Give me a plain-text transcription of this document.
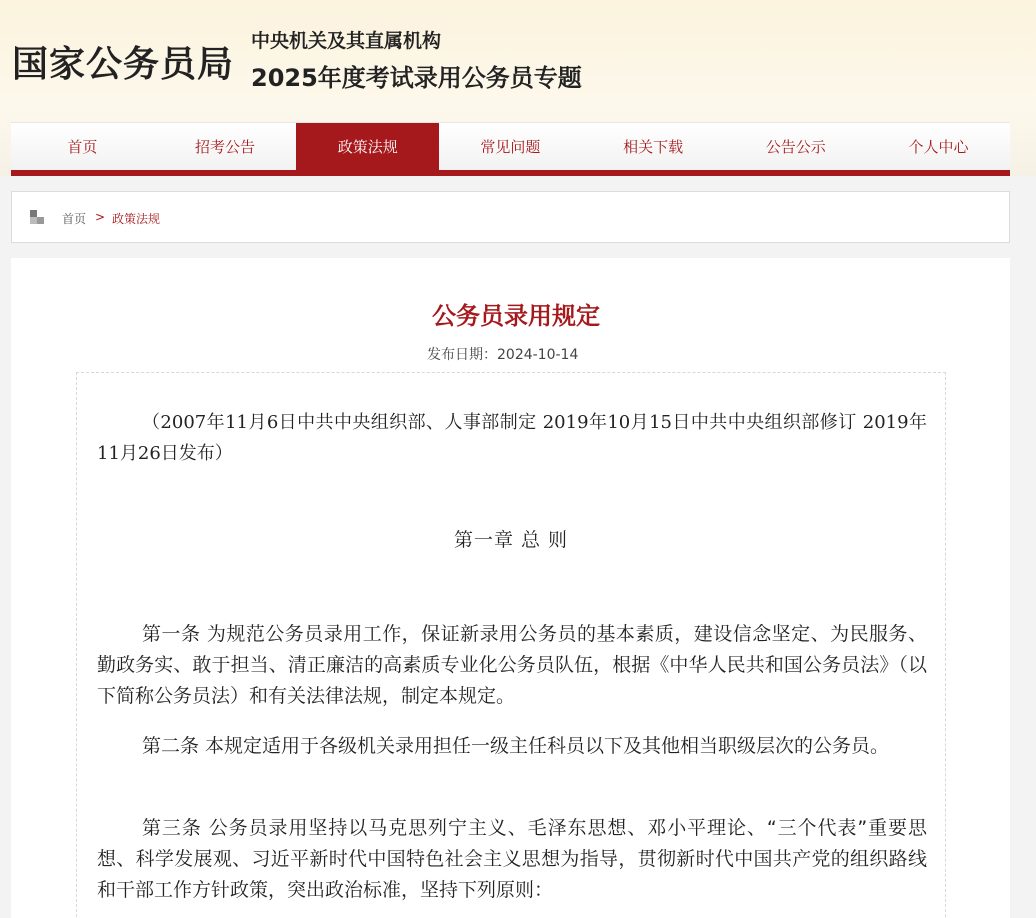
国家公务员局
中央机关及其直属机构
2025年度考试录用公务员专题
首页	招考公告	政策法规	常见问题	相关下载	公告公示	个人中心
首页 > 政策法规
公务员录用规定
发布日期：2024-10-14
（2007年11月6日中共中央组织部、人事部制定 2019年10月15日中共中央组织部修订 2019年11月26日发布）
第一章 总 则
第一条 为规范公务员录用工作，保证新录用公务员的基本素质，建设信念坚定、为民服务、勤政务实、敢于担当、清正廉洁的高素质专业化公务员队伍，根据《中华人民共和国公务员法》（以下简称公务员法）和有关法律法规，制定本规定。
第二条 本规定适用于各级机关录用担任一级主任科员以下及其他相当职级层次的公务员。
第三条 公务员录用坚持以马克思列宁主义、毛泽东思想、邓小平理论、“三个代表”重要思想、科学发展观、习近平新时代中国特色社会主义思想为指导，贯彻新时代中国共产党的组织路线和干部工作方针政策，突出政治标准，坚持下列原则：
